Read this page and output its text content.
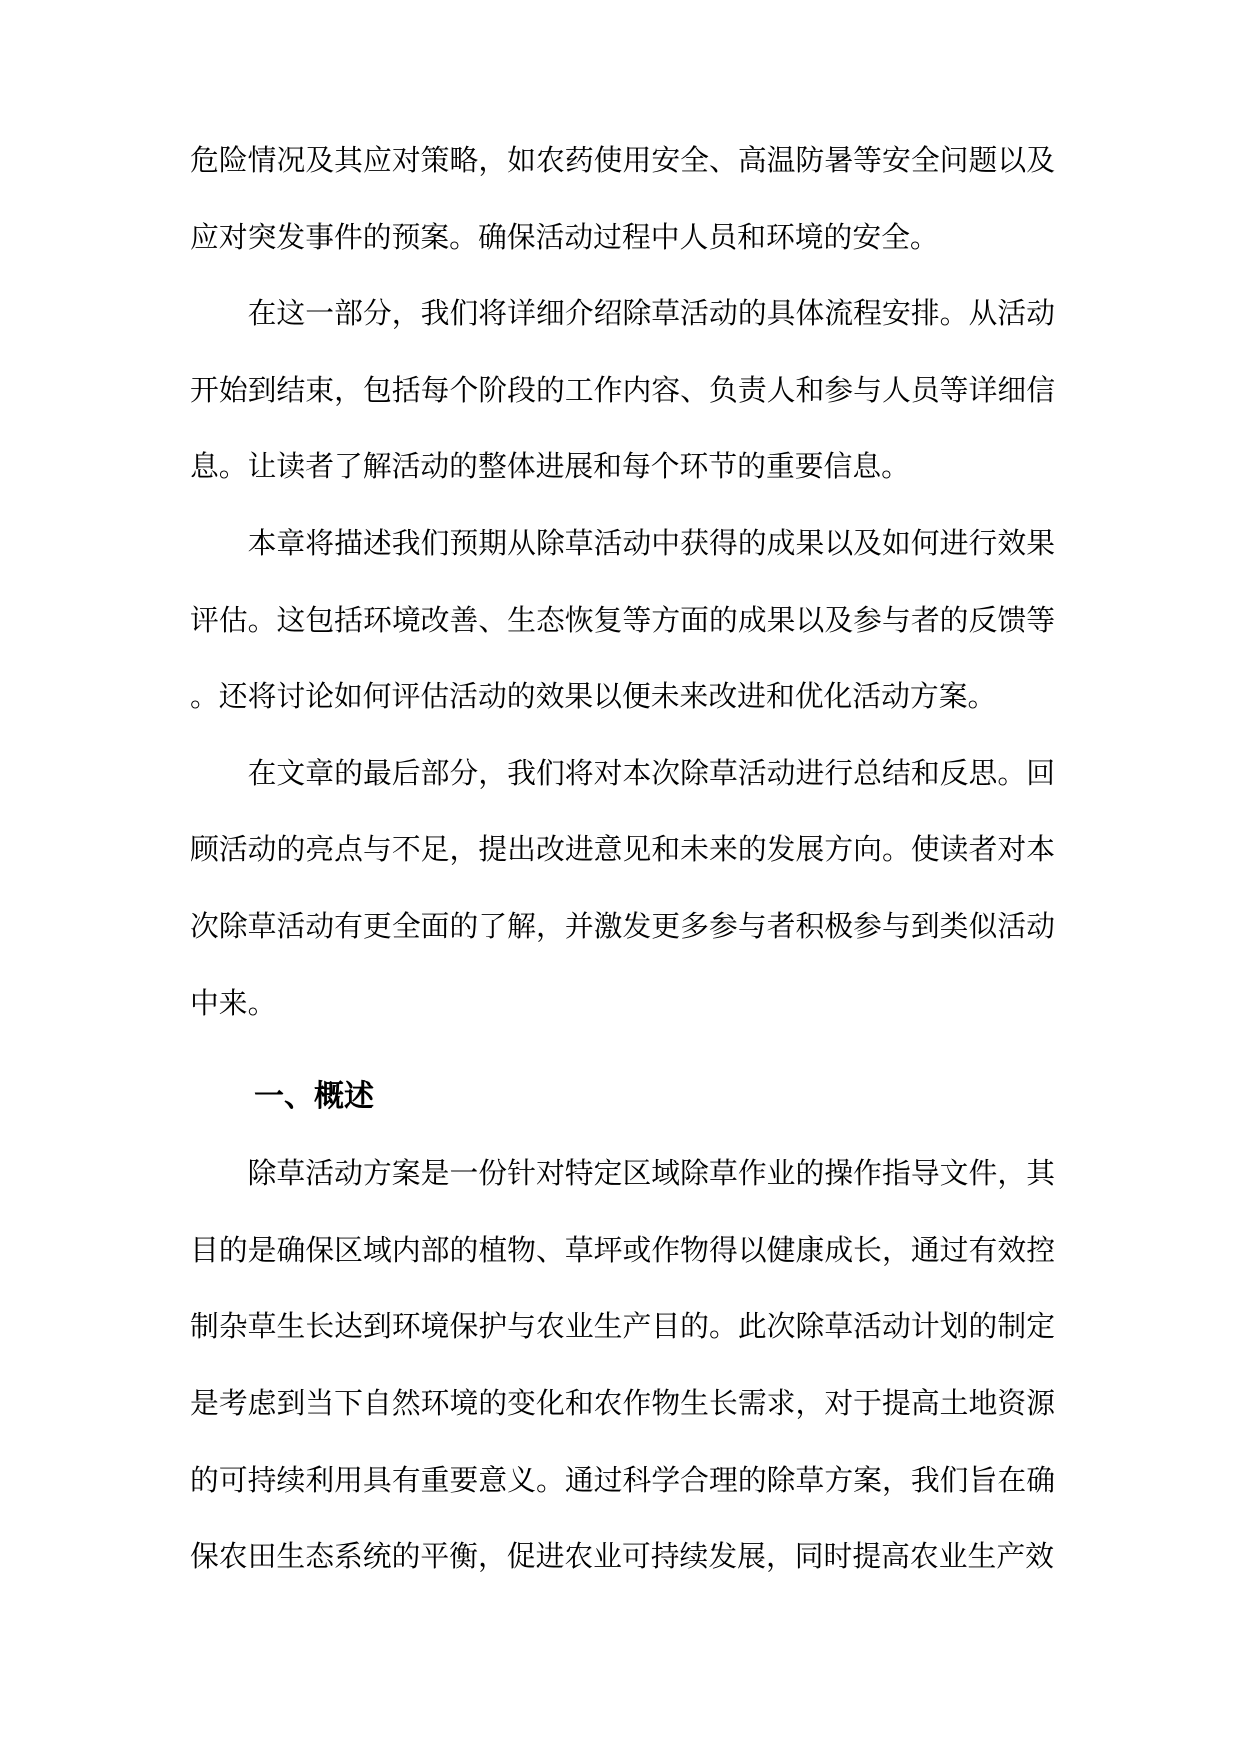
危险情况及其应对策略，如农药使用安全、高温防暑等安全问题以及应对突发事件的预案。确保活动过程中人员和环境的安全。

在这一部分，我们将详细介绍除草活动的具体流程安排。从活动开始到结束，包括每个阶段的工作内容、负责人和参与人员等详细信息。让读者了解活动的整体进展和每个环节的重要信息。

本章将描述我们预期从除草活动中获得的成果以及如何进行效果评估。这包括环境改善、生态恢复等方面的成果以及参与者的反馈等。还将讨论如何评估活动的效果以便未来改进和优化活动方案。

在文章的最后部分，我们将对本次除草活动进行总结和反思。回顾活动的亮点与不足，提出改进意见和未来的发展方向。使读者对本次除草活动有更全面的了解，并激发更多参与者积极参与到类似活动中来。

一、概述

除草活动方案是一份针对特定区域除草作业的操作指导文件，其目的是确保区域内部的植物、草坪或作物得以健康成长，通过有效控制杂草生长达到环境保护与农业生产目的。此次除草活动计划的制定是考虑到当下自然环境的变化和农作物生长需求，对于提高土地资源的可持续利用具有重要意义。通过科学合理的除草方案，我们旨在确保农田生态系统的平衡，促进农业可持续发展，同时提高农业生产效
